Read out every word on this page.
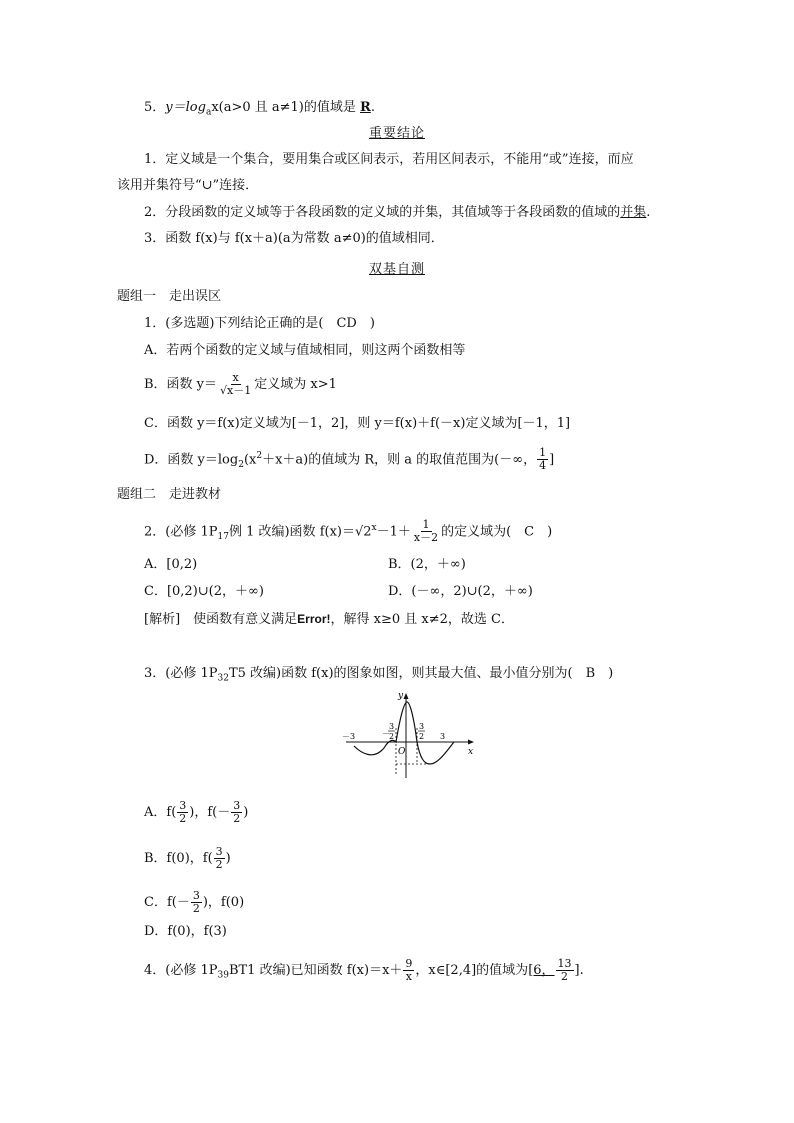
5．$y=\log_ax(a>0$ 且 a≠1)的值域是 R.
重要结论
1．定义域是一个集合，要用集合或区间表示，若用区间表示，不能用“或”连接，而应
该用并集符号“∪”连接．
2．分段函数的定义域等于各段函数的定义域的并集，其值域等于各段函数的值域的并集.
3．函数 f(x)与 f(x＋a)(a为常数 a≠0)的值域相同．
双基自测
题组一　走出误区
1．(多选题)下列结论正确的是(　CD　)
A．若两个函数的定义域与值域相同，则这两个函数相等
B．函数 $y= \frac{x}{√x-1}$ 定义域为 x>1
C．函数 y＝f(x)定义域为[－1，2]，则 y＝f(x)＋f(－x)定义域为[－1，1]
D．函数 $y=\log_2(x^2+x+a)$的值域为 R，则 a 的取值范围为(－∞， $\frac{1}{4}$ ]
题组二　走进教材
2．(必修 $1P_{17}$例 1 改编)函数 $f(x)=√2^x-1+ \frac{1}{x-2}$ 的定义域为(　C　)
A．[0,2)	B．(2，＋∞)
C．[0,2)∪(2，＋∞)	D．(－∞，2)∪(2，＋∞)
[解析]　使函数有意义满足Error!，解得 x≥0 且 x≠2，故选 C．
3．(必修 $1P_{32}T5$ 改编)函数 f(x)的图象如图，则其最大值、最小值分别为(　B　)
y
x
O
－3	－
3
2
3
2 3
A．$f( \frac{3}{2}$ )，$f(- \frac{3}{2}$ )
B．f(0)，$f( \frac{3}{2}$ )
C．$f(- \frac{3}{2}$ )，f(0)
D．f(0)，f(3)
4．(必修 $1P_{39}BT1$ 改编)已知函数 $f(x)=x+ \frac{9}{x}$ ，x∈[2,4]的值域为[6， $\frac{13}{2}$ ].
